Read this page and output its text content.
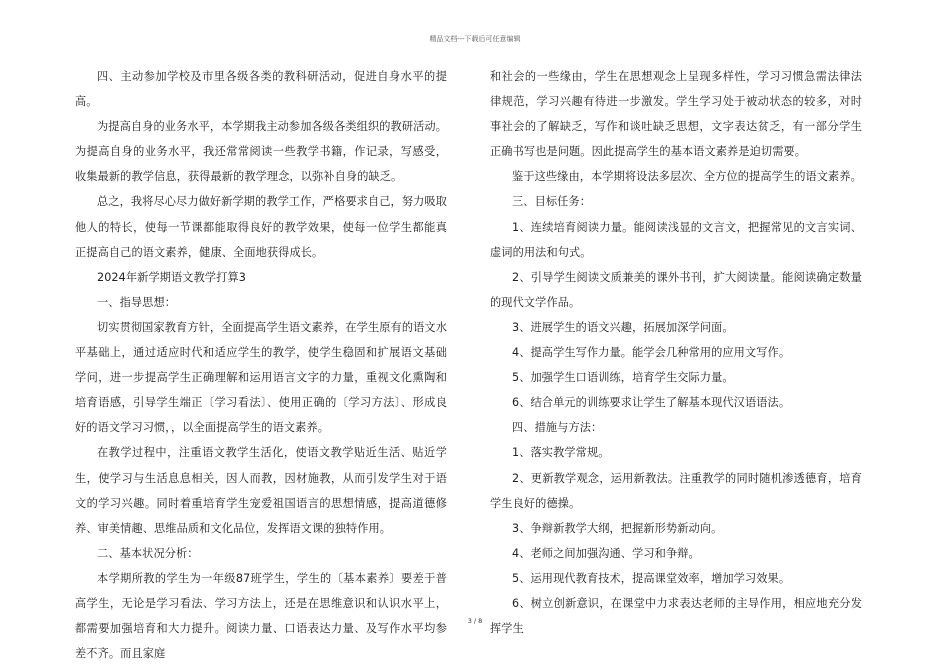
精品文档---下载后可任意编辑

四、主动参加学校及市里各级各类的教科研活动，促进自身水平的提高。

为提高自身的业务水平，本学期我主动参加各级各类组织的教研活动。为提高自身的业务水平，我还常常阅读一些教学书籍，作记录，写感受，收集最新的教学信息，获得最新的教学理念，以弥补自身的缺乏。

总之，我将尽心尽力做好新学期的教学工作，严格要求自己，努力吸取他人的特长，使每一节课都能取得良好的教学效果，使每一位学生都能真正提高自己的语文素养，健康、全面地获得成长。

2024年新学期语文教学打算3

一、指导思想：

切实贯彻国家教育方针，全面提高学生语文素养，在学生原有的语文水平基础上，通过适应时代和适应学生的教学，使学生稳固和扩展语文基础学问，进一步提高学生正确理解和运用语言文字的力量，重视文化熏陶和培育语感，引导学生端正〔学习看法〕、使用正确的〔学习方法〕、形成良好的语文学习习惯，，以全面提高学生的语文素养。

在教学过程中，注重语文教学生活化，使语文教学贴近生活、贴近学生，使学习与生活息息相关，因人而教，因材施教，从而引发学生对于语文的学习兴趣。同时着重培育学生宠爱祖国语言的思想情感，提高道德修养、审美情趣、思维品质和文化品位，发挥语文课的独特作用。

二、基本状况分析：

本学期所教的学生为一年级87班学生，学生的〔基本素养〕要差于普高学生，无论是学习看法、学习方法上，还是在思维意识和认识水平上，都需要加强培育和大力提升。阅读力量、口语表达力量、及写作水平均参差不齐。而且家庭

和社会的一些缘由，学生在思想观念上呈现多样性，学习习惯急需法律法律规范，学习兴趣有待进一步激发。学生学习处于被动状态的较多，对时事社会的了解缺乏，写作和谈吐缺乏思想，文字表达贫乏，有一部分学生正确书写也是问题。因此提高学生的基本语文素养是迫切需要。

鉴于这些缘由，本学期将设法多层次、全方位的提高学生的语文素养。

三、目标任务：

1、连续培育阅读力量。能阅读浅显的文言文，把握常见的文言实词、虚词的用法和句式。

2、引导学生阅读文质兼美的课外书刊，扩大阅读量。能阅读确定数量的现代文学作品。

3、进展学生的语文兴趣，拓展加深学问面。

4、提高学生写作力量。能学会几种常用的应用文写作。

5、加强学生口语训练，培育学生交际力量。

6、结合单元的训练要求让学生了解基本现代汉语语法。

四、措施与方法：

1、落实教学常规。

2、更新教学观念，运用新教法。注重教学的同时随机渗透德育，培育学生良好的德操。

3、争辩新教学大纲，把握新形势新动向。

4、老师之间加强沟通、学习和争辩。

5、运用现代教育技术，提高课堂效率，增加学习效果。

6、树立创新意识，在课堂中力求表达老师的主导作用，相应地充分发挥学生

3 / 8
